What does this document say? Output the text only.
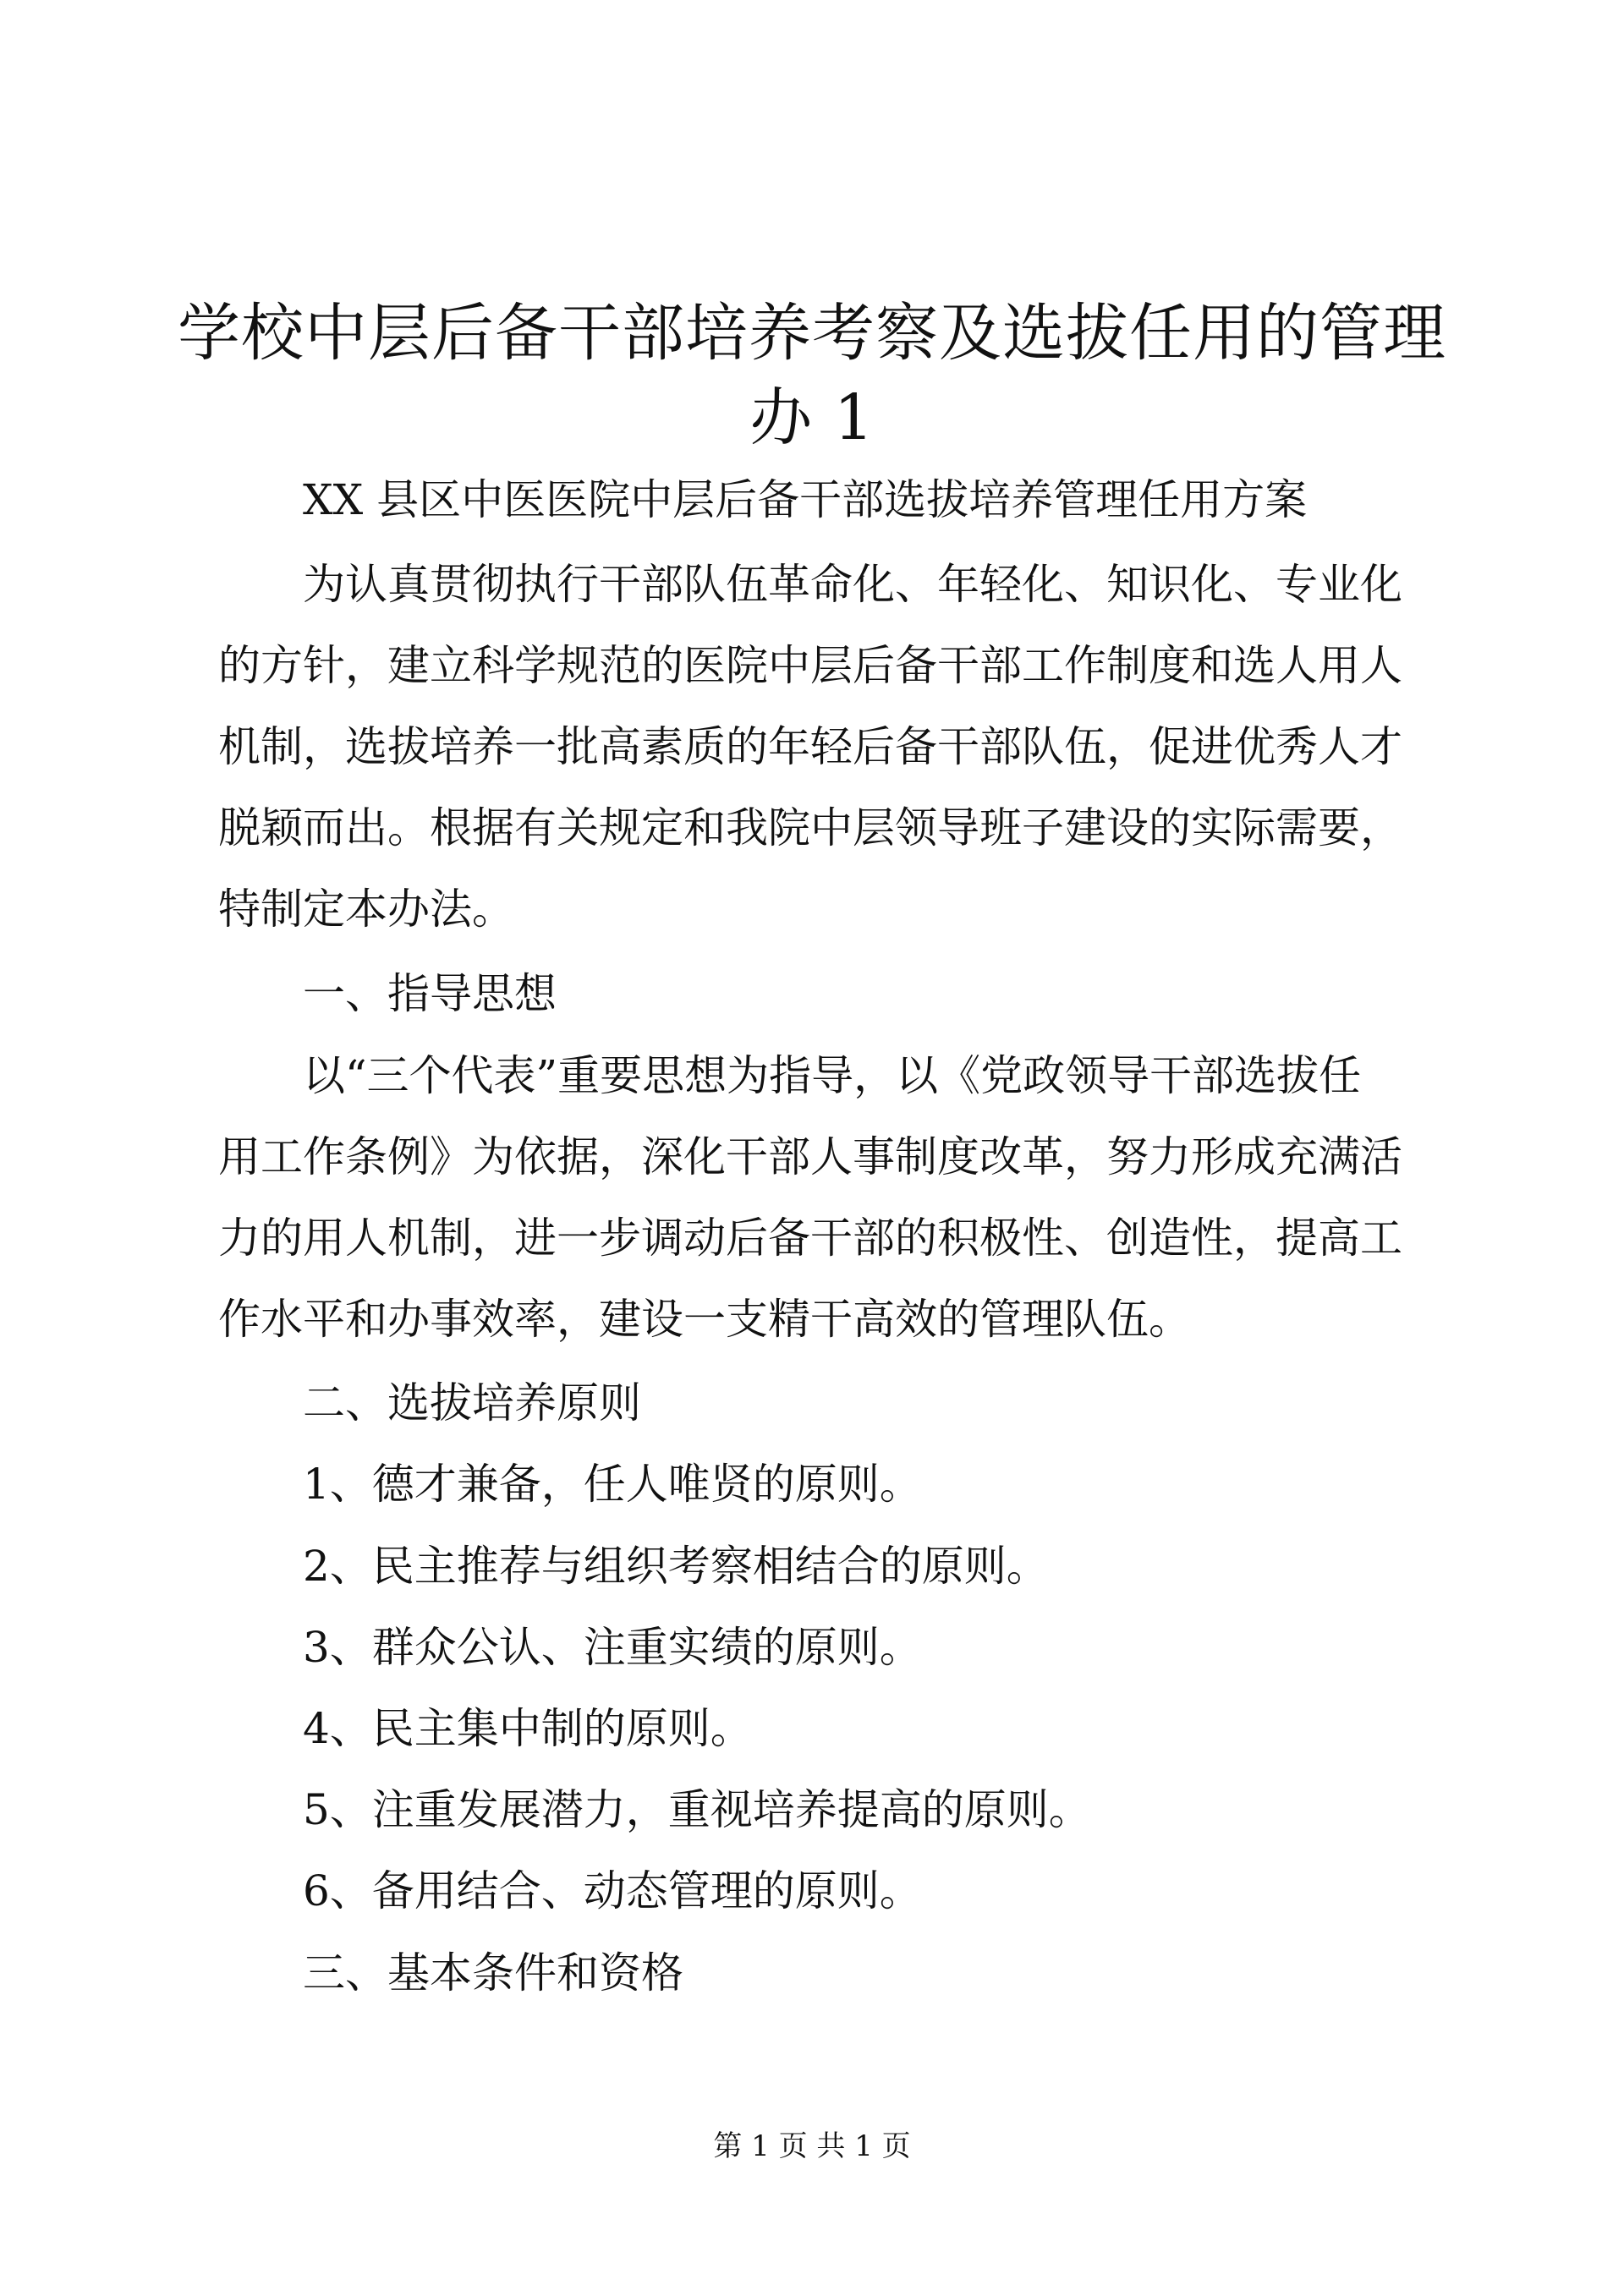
学校中层后备干部培养考察及选拔任用的管理
办 1

XX 县区中医医院中层后备干部选拔培养管理任用方案

为认真贯彻执行干部队伍革命化、年轻化、知识化、专业化

的方针，建立科学规范的医院中层后备干部工作制度和选人用人

机制，选拔培养一批高素质的年轻后备干部队伍，促进优秀人才

脱颖而出。根据有关规定和我院中层领导班子建设的实际需要，

特制定本办法。

一、指导思想

以“三个代表”重要思想为指导，以《党政领导干部选拔任

用工作条例》为依据，深化干部人事制度改革，努力形成充满活

力的用人机制，进一步调动后备干部的积极性、创造性，提高工

作水平和办事效率，建设一支精干高效的管理队伍。

二、选拔培养原则

1、德才兼备，任人唯贤的原则。

2、民主推荐与组织考察相结合的原则。

3、群众公认、注重实绩的原则。

4、民主集中制的原则。

5、注重发展潜力，重视培养提高的原则。

6、备用结合、动态管理的原则。

三、基本条件和资格

第 1 页 共 1 页
